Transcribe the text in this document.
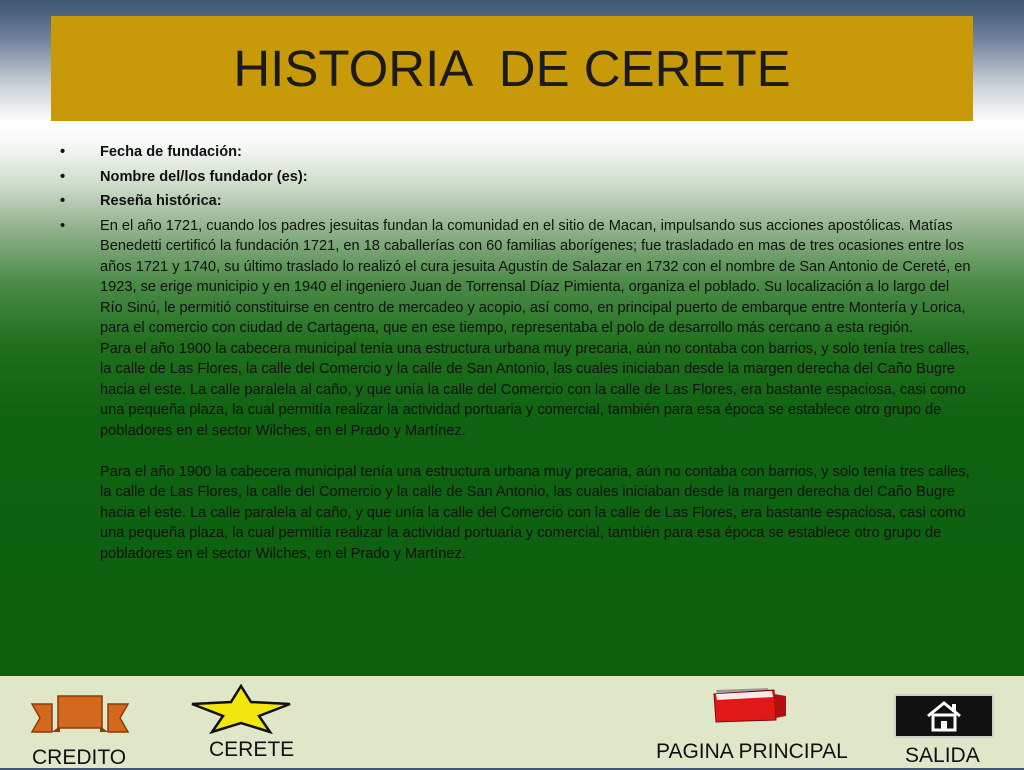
HISTORIA  DE CERETE
• Fecha de fundación:
• Nombre del/los fundador (es):
• Reseña histórica:
• En el año 1721, cuando los padres jesuitas fundan la comunidad en el sitio de Macan, impulsando sus acciones apostólicas. Matías Benedetti certificó la fundación 1721, en 18 caballerías con 60 familias aborígenes; fue trasladado en mas de tres ocasiones entre los años 1721 y 1740, su último traslado lo realizó el cura jesuita Agustín de Salazar en 1732 con el nombre de San Antonio de Cereté, en 1923, se erige municipio y en 1940 el ingeniero Juan de Torrensal Díaz Pimienta, organiza el poblado. Su localización a lo largo del Río Sinú, le permitió constituirse en centro de mercadeo y acopio, así como, en principal puerto de embarque entre Montería y Lorica, para el comercio con ciudad de Cartagena, que en ese tiempo, representaba el polo de desarrollo más cercano a esta región.
Para el año 1900 la cabecera municipal tenía una estructura urbana muy precaria, aún no contaba con barrios, y solo tenía tres calles, la calle de Las Flores, la calle del Comercio y la calle de San Antonio, las cuales iniciaban desde la margen derecha del Caño Bugre hacia el este. La calle paralela al caño, y que unía la calle del Comercio con la calle de Las Flores, era bastante espaciosa, casi como una pequeña plaza, la cual permitía realizar la actividad portuaria y comercial, también para esa época se establece otro grupo de pobladores en el sector Wilches, en el Prado y Martínez.
Para el año 1900 la cabecera municipal tenía una estructura urbana muy precaria, aún no contaba con barrios, y solo tenía tres calles, la calle de Las Flores, la calle del Comercio y la calle de San Antonio, las cuales iniciaban desde la margen derecha del Caño Bugre hacia el este. La calle paralela al caño, y que unía la calle del Comercio con la calle de Las Flores, era bastante espaciosa, casi como una pequeña plaza, la cual permitía realizar la actividad portuaria y comercial, también para esa época se establece otro grupo de pobladores en el sector Wilches, en el Prado y Martínez.
CREDITO	CERETE	PAGINA PRINCIPAL	SALIDA
